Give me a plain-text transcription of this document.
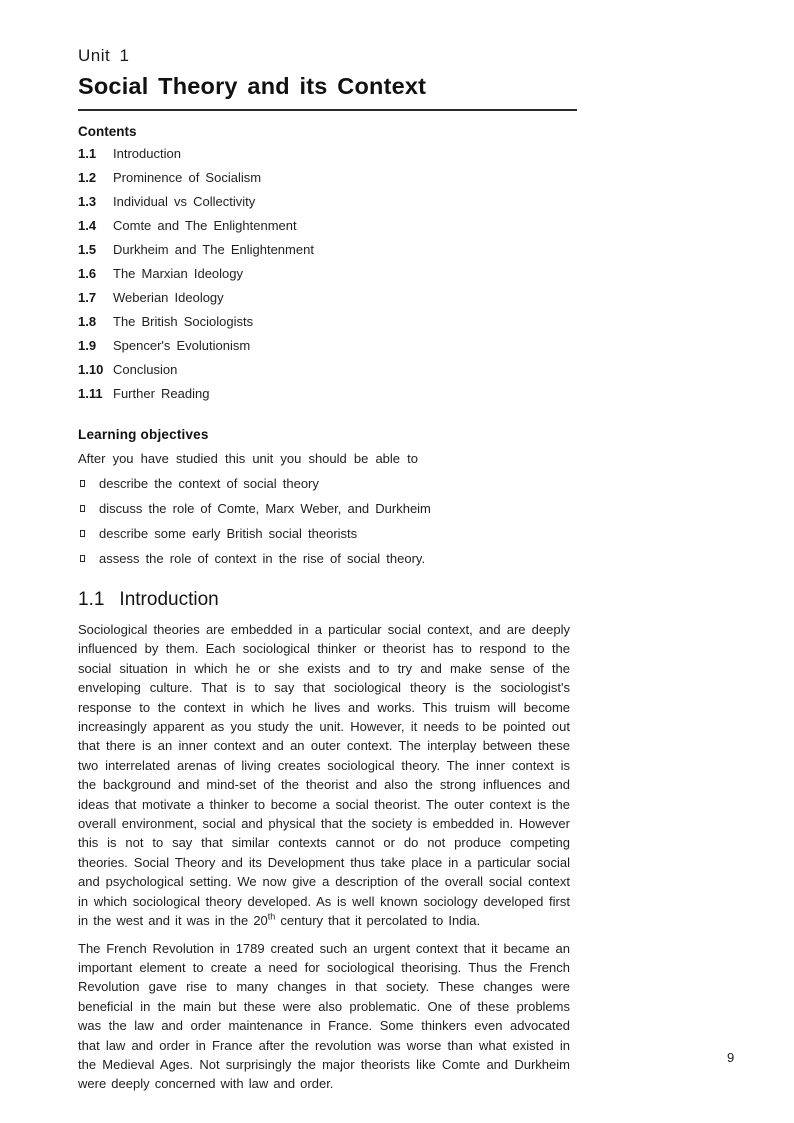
Unit 1
Social Theory and its Context
Contents
1.1	Introduction
1.2	Prominence of Socialism
1.3	Individual vs Collectivity
1.4	Comte and The Enlightenment
1.5	Durkheim and The Enlightenment
1.6	The Marxian Ideology
1.7	Weberian Ideology
1.8	The British Sociologists
1.9	Spencer's Evolutionism
1.10 Conclusion
1.11 Further Reading
Learning objectives
After you have studied this unit you should be able to
describe the context of social theory
discuss the role of Comte, Marx Weber, and Durkheim
describe some early British social theorists
assess the role of context in the rise of social theory.
1.1 Introduction

Sociological theories are embedded in a particular social context, and are deeply influenced by them. Each sociological thinker or theorist has to respond to the social situation in which he or she exists and to try and make sense of the enveloping culture. That is to say that sociological theory is the sociologist's response to the context in which he lives and works. This truism will become increasingly apparent as you study the unit. However, it needs to be pointed out that there is an inner context and an outer context. The interplay between these two interrelated arenas of living creates sociological theory. The inner context is the background and mind-set of the theorist and also the strong influences and ideas that motivate a thinker to become a social theorist. The outer context is the overall environment, social and physical that the society is embedded in. However this is not to say that similar contexts cannot or do not produce competing theories. Social Theory and its Development thus take place in a particular social and psychological setting. We now give a description of the overall social context in which sociological theory developed. As is well known sociology developed first in the west and it was in the 20th century that it percolated to India.

The French Revolution in 1789 created such an urgent context that it became an important element to create a need for sociological theorising. Thus the French Revolution gave rise to many changes in that society. These changes were beneficial in the main but these were also problematic. One of these problems was the law and order maintenance in France. Some thinkers even advocated that law and order in France after the revolution was worse than what existed in the Medieval Ages. Not surprisingly the major theorists like Comte and Durkheim were deeply concerned with law and order.

9
